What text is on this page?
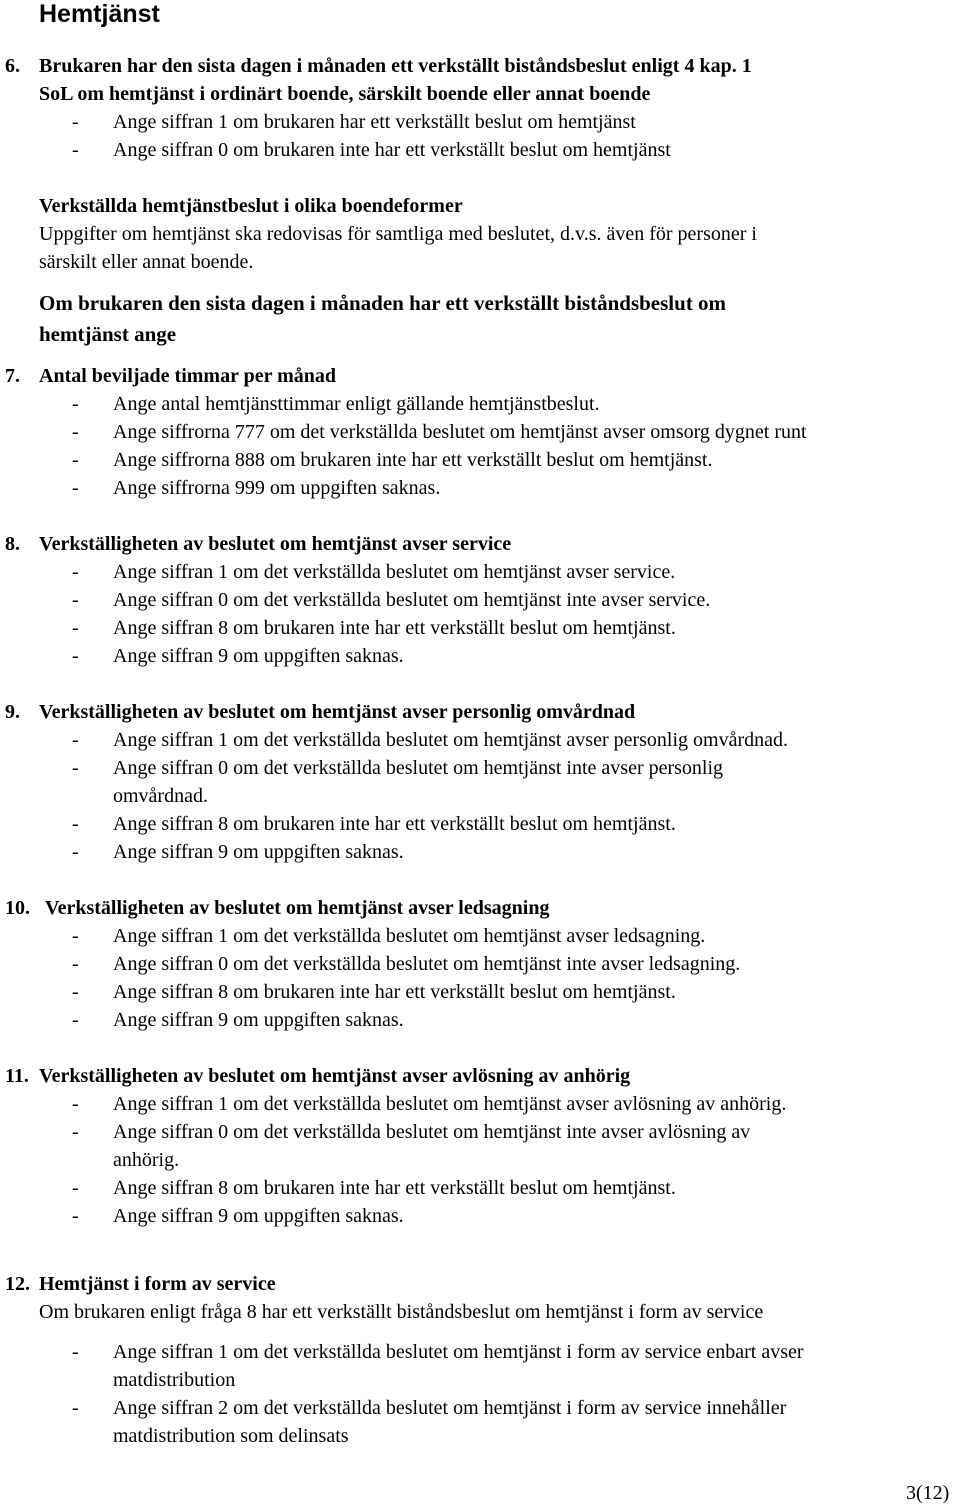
Hemtjänst
6. Brukaren har den sista dagen i månaden ett verkställt biståndsbeslut enligt 4 kap. 1
SoL om hemtjänst i ordinärt boende, särskilt boende eller annat boende
- Ange siffran 1 om brukaren har ett verkställt beslut om hemtjänst
- Ange siffran 0 om brukaren inte har ett verkställt beslut om hemtjänst
Verkställda hemtjänstbeslut i olika boendeformer
Uppgifter om hemtjänst ska redovisas för samtliga med beslutet, d.v.s. även för personer i
särskilt eller annat boende.
Om brukaren den sista dagen i månaden har ett verkställt biståndsbeslut om
hemtjänst ange
7. Antal beviljade timmar per månad
- Ange antal hemtjänsttimmar enligt gällande hemtjänstbeslut.
- Ange siffrorna 777 om det verkställda beslutet om hemtjänst avser omsorg dygnet runt
- Ange siffrorna 888 om brukaren inte har ett verkställt beslut om hemtjänst.
- Ange siffrorna 999 om uppgiften saknas.
8. Verkställigheten av beslutet om hemtjänst avser service
- Ange siffran 1 om det verkställda beslutet om hemtjänst avser service.
- Ange siffran 0 om det verkställda beslutet om hemtjänst inte avser service.
- Ange siffran 8 om brukaren inte har ett verkställt beslut om hemtjänst.
- Ange siffran 9 om uppgiften saknas.
9. Verkställigheten av beslutet om hemtjänst avser personlig omvårdnad
- Ange siffran 1 om det verkställda beslutet om hemtjänst avser personlig omvårdnad.
- Ange siffran 0 om det verkställda beslutet om hemtjänst inte avser personlig
omvårdnad.
- Ange siffran 8 om brukaren inte har ett verkställt beslut om hemtjänst.
- Ange siffran 9 om uppgiften saknas.
10. Verkställigheten av beslutet om hemtjänst avser ledsagning
- Ange siffran 1 om det verkställda beslutet om hemtjänst avser ledsagning.
- Ange siffran 0 om det verkställda beslutet om hemtjänst inte avser ledsagning.
- Ange siffran 8 om brukaren inte har ett verkställt beslut om hemtjänst.
- Ange siffran 9 om uppgiften saknas.
11. Verkställigheten av beslutet om hemtjänst avser avlösning av anhörig
- Ange siffran 1 om det verkställda beslutet om hemtjänst avser avlösning av anhörig.
- Ange siffran 0 om det verkställda beslutet om hemtjänst inte avser avlösning av
anhörig.
- Ange siffran 8 om brukaren inte har ett verkställt beslut om hemtjänst.
- Ange siffran 9 om uppgiften saknas.
12. Hemtjänst i form av service
Om brukaren enligt fråga 8 har ett verkställt biståndsbeslut om hemtjänst i form av service
- Ange siffran 1 om det verkställda beslutet om hemtjänst i form av service enbart avser
matdistribution
- Ange siffran 2 om det verkställda beslutet om hemtjänst i form av service innehåller
matdistribution som delinsats
3(12)
